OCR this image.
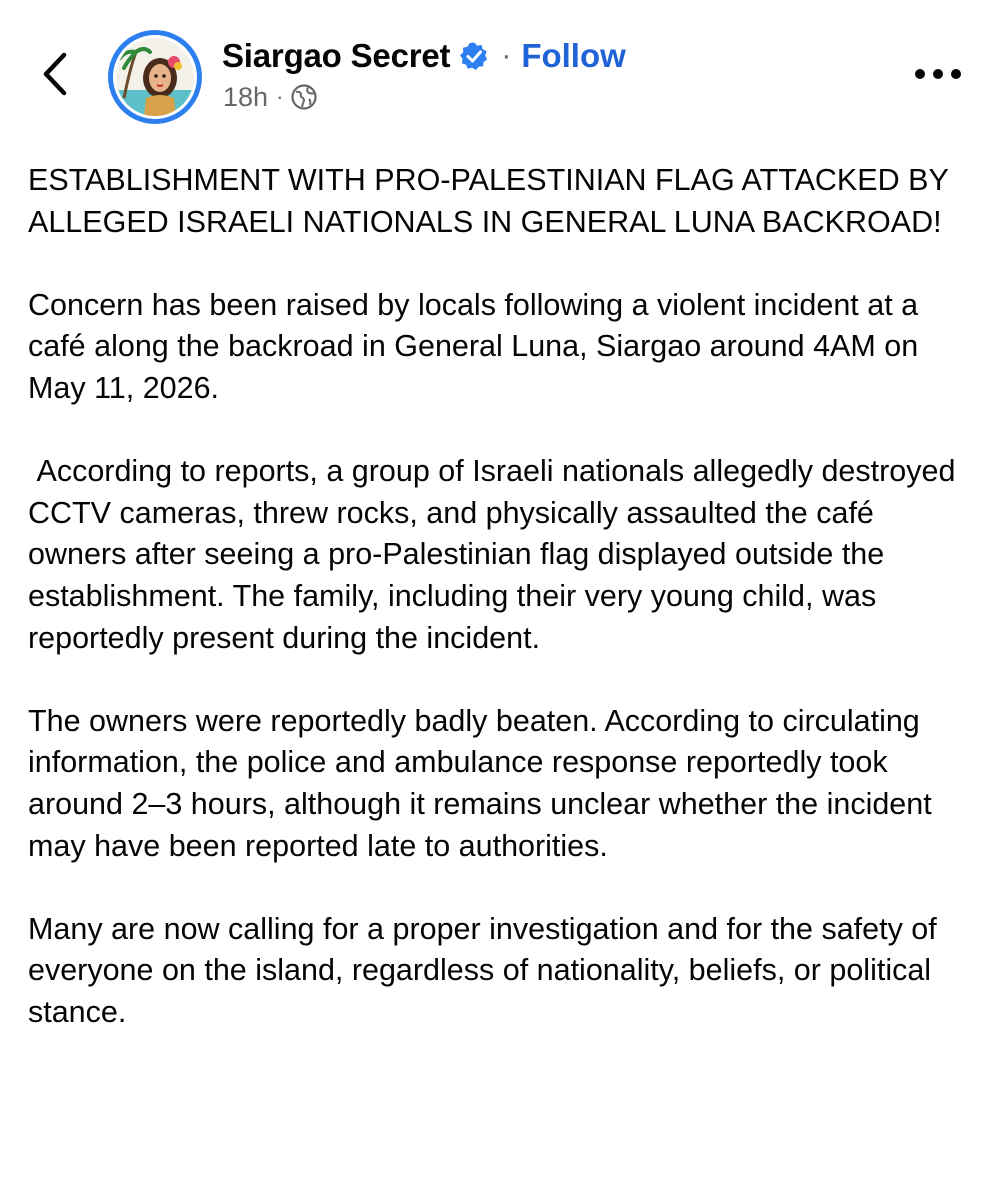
Siargao Secret · Follow
18h ·

ESTABLISHMENT WITH PRO-PALESTINIAN FLAG ATTACKED BY ALLEGED ISRAELI NATIONALS IN GENERAL LUNA BACKROAD!

Concern has been raised by locals following a violent incident at a café along the backroad in General Luna, Siargao around 4AM on May 11, 2026.

According to reports, a group of Israeli nationals allegedly destroyed CCTV cameras, threw rocks, and physically assaulted the café owners after seeing a pro-Palestinian flag displayed outside the establishment. The family, including their very young child, was reportedly present during the incident.

The owners were reportedly badly beaten. According to circulating information, the police and ambulance response reportedly took around 2–3 hours, although it remains unclear whether the incident may have been reported late to authorities.

Many are now calling for a proper investigation and for the safety of everyone on the island, regardless of nationality, beliefs, or political stance.
